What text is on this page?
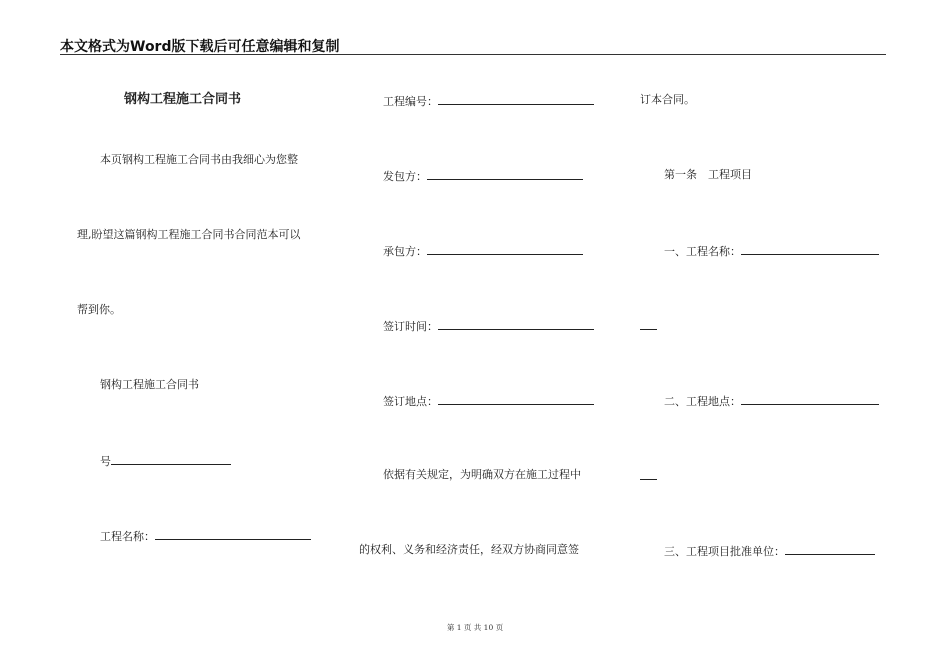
本文格式为Word版下载后可任意编辑和复制
钢构工程施工合同书
本页钢构工程施工合同书由我细心为您整
理,盼望这篇钢构工程施工合同书合同范本可以
帮到你。
钢构工程施工合同书
号
工程名称：
工程编号：
发包方：
承包方：
签订时间：
签订地点：
依据有关规定，为明确双方在施工过程中
的权利、义务和经济责任，经双方协商同意签
订本合同。
第一条　工程项目
一、工程名称：
二、工程地点：
三、工程项目批准单位：
第 1 页 共 10 页
